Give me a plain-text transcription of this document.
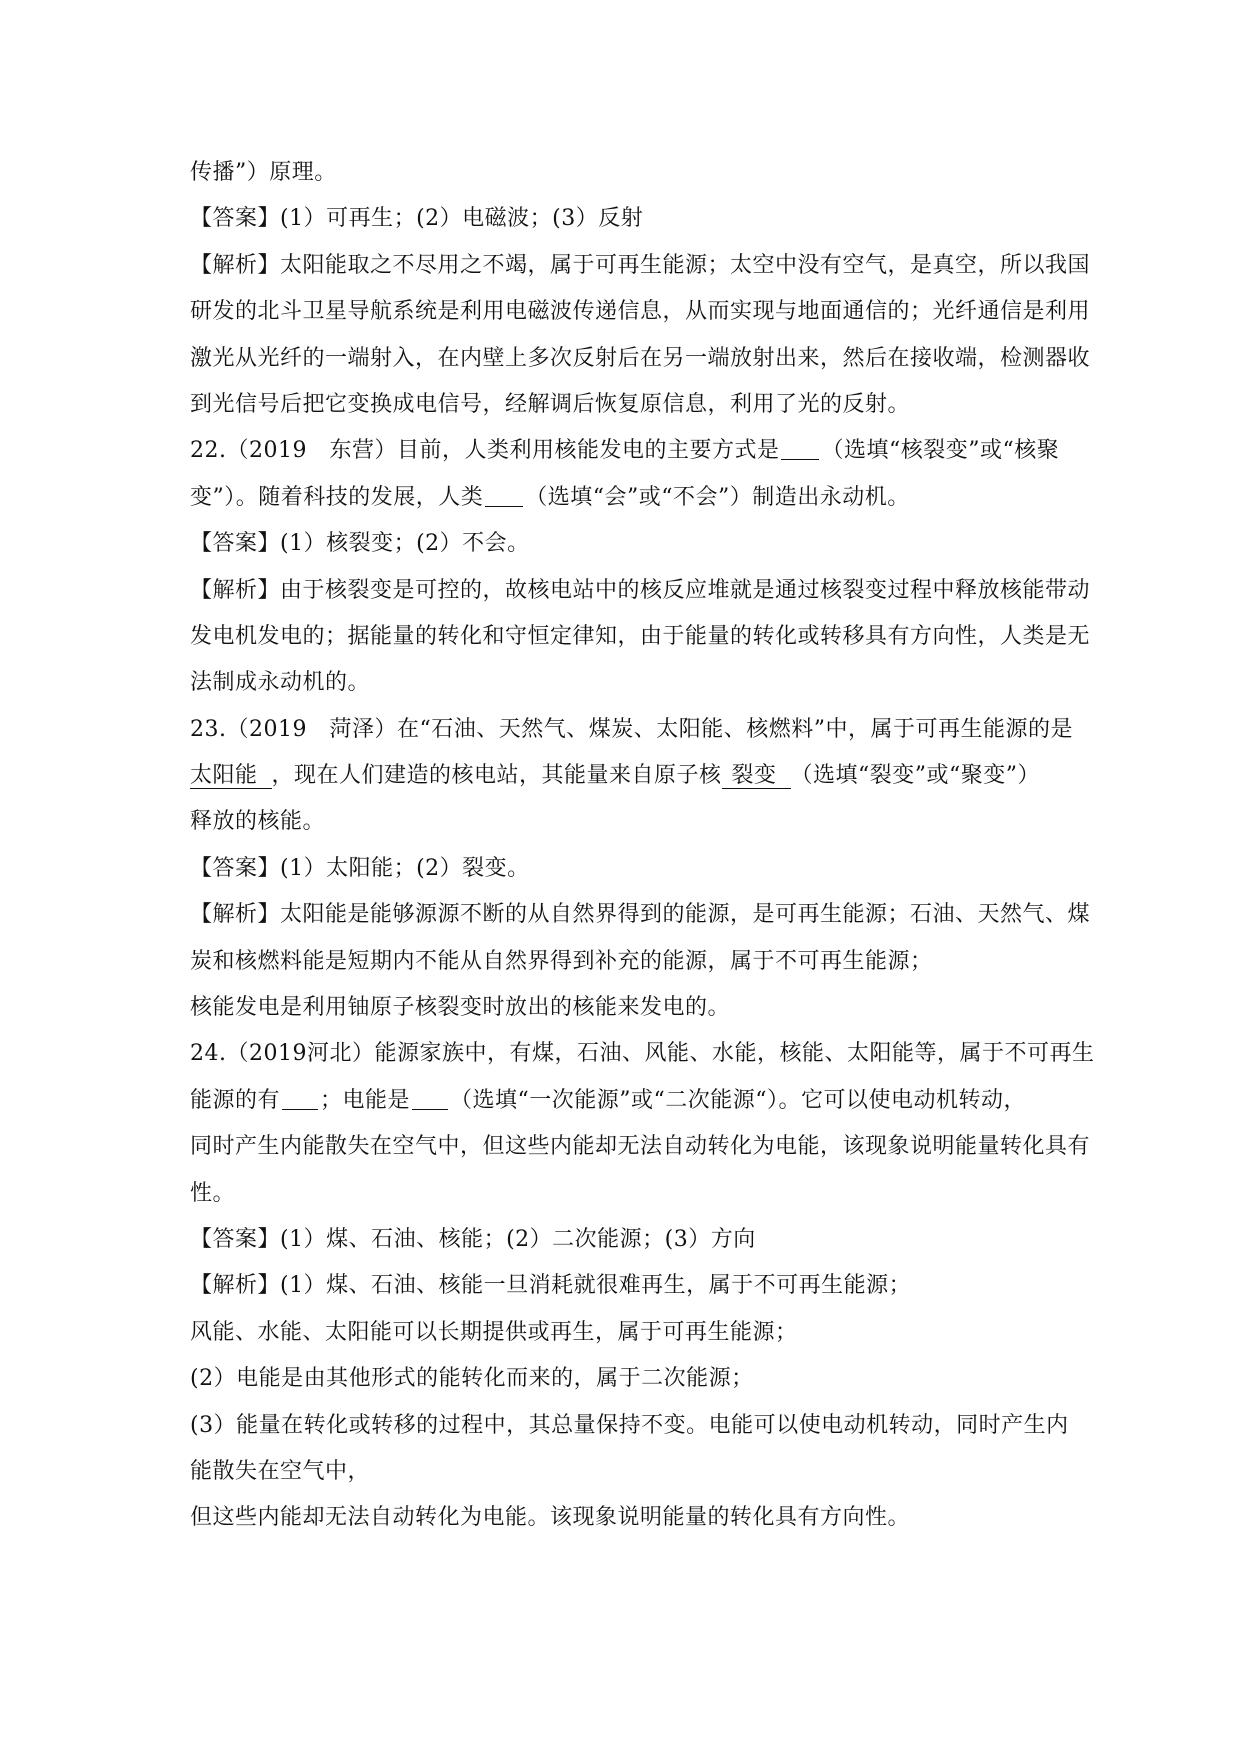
传播”）原理。
【答案】(1）可再生；(2）电磁波；(3）反射
【解析】太阳能取之不尽用之不竭，属于可再生能源；太空中没有空气，是真空，所以我国
研发的北斗卫星导航系统是利用电磁波传递信息，从而实现与地面通信的；光纤通信是利用
激光从光纤的一端射入，在内壁上多次反射后在另一端放射出来，然后在接收端，检测器收
到光信号后把它变换成电信号，经解调后恢复原信息，利用了光的反射。
22.（2019　东营）目前，人类利用核能发电的主要方式是 （选填“核裂变”或“核聚
变”）。随着科技的发展，人类 （选填“会”或“不会”）制造出永动机。
【答案】(1）核裂变；(2）不会。
【解析】由于核裂变是可控的，故核电站中的核反应堆就是通过核裂变过程中释放核能带动
发电机发电的；据能量的转化和守恒定律知，由于能量的转化或转移具有方向性，人类是无
法制成永动机的。
23.（2019　菏泽）在“石油、天然气、煤炭、太阳能、核燃料”中，属于可再生能源的是
太阳能 ，现在人们建造的核电站，其能量来自原子核 裂变 （选填“裂变”或“聚变”）
释放的核能。
【答案】(1）太阳能；(2）裂变。
【解析】太阳能是能够源源不断的从自然界得到的能源，是可再生能源；石油、天然气、煤
炭和核燃料能是短期内不能从自然界得到补充的能源，属于不可再生能源；
核能发电是利用铀原子核裂变时放出的核能来发电的。
24.（2019河北）能源家族中，有煤，石油、风能、水能，核能、太阳能等，属于不可再生
能源的有 ；电能是 （选填“一次能源”或“二次能源“）。它可以使电动机转动，
同时产生内能散失在空气中，但这些内能却无法自动转化为电能，该现象说明能量转化具有
性。
【答案】(1）煤、石油、核能；(2）二次能源；(3）方向
【解析】(1）煤、石油、核能一旦消耗就很难再生，属于不可再生能源；
风能、水能、太阳能可以长期提供或再生，属于可再生能源；
(2）电能是由其他形式的能转化而来的，属于二次能源；
(3）能量在转化或转移的过程中，其总量保持不变。电能可以使电动机转动，同时产生内
能散失在空气中，
但这些内能却无法自动转化为电能。该现象说明能量的转化具有方向性。
